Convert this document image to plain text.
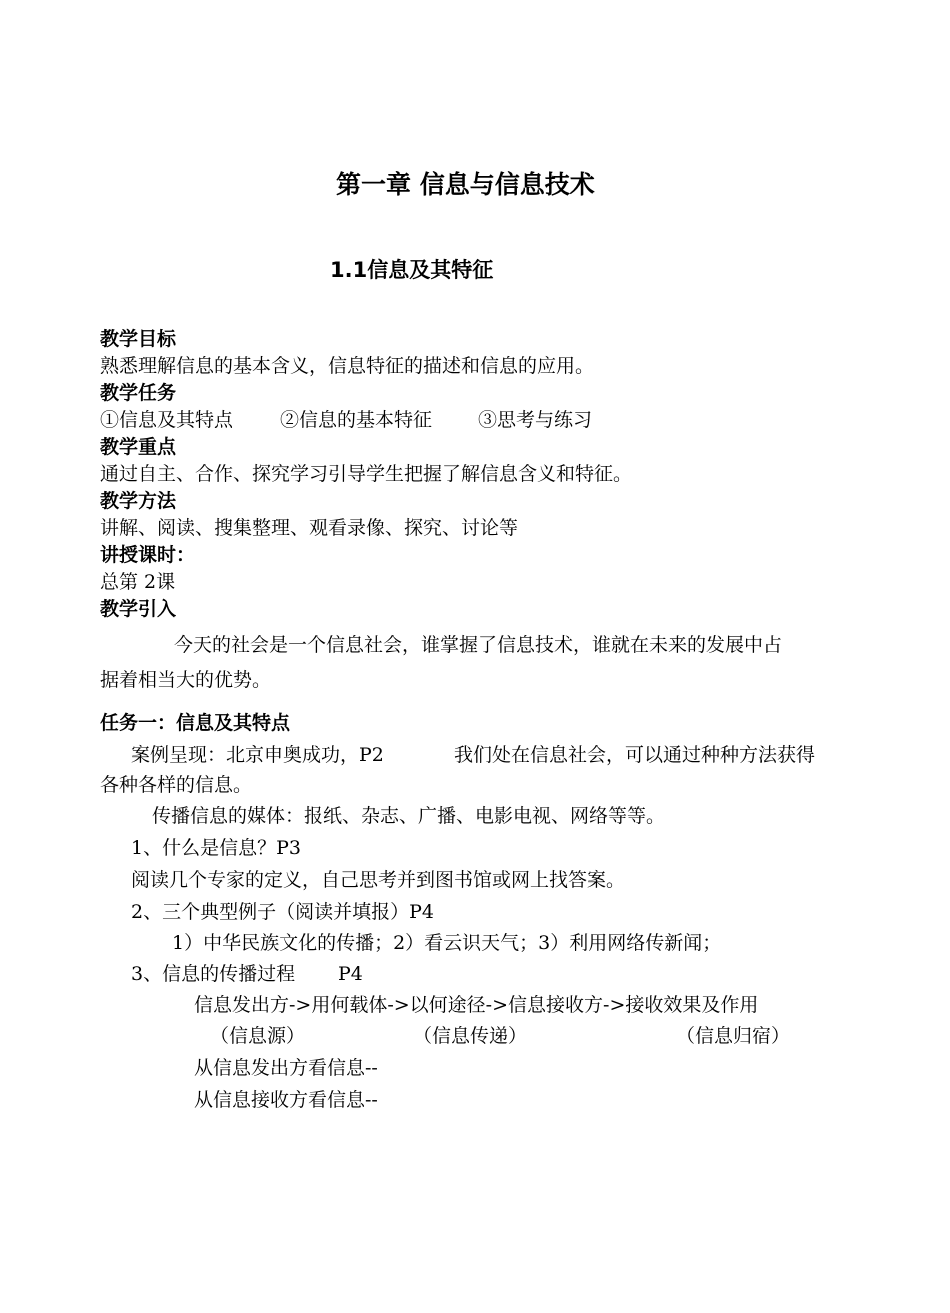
第一章 信息与信息技术
1.1信息及其特征
教学目标
熟悉理解信息的基本含义，信息特征的描述和信息的应用。
教学任务
①信息及其特点 ②信息的基本特征 ③思考与练习
教学重点
通过自主、合作、探究学习引导学生把握了解信息含义和特征。
教学方法
讲解、阅读、搜集整理、观看录像、探究、讨论等
讲授课时：
总第 2课
教学引入
今天的社会是一个信息社会，谁掌握了信息技术，谁就在未来的发展中占
据着相当大的优势。
任务一：信息及其特点
案例呈现：北京申奥成功，P2	我们处在信息社会，可以通过种种方法获得
各种各样的信息。
传播信息的媒体：报纸、杂志、广播、电影电视、网络等等。
1、什么是信息？P3
阅读几个专家的定义，自己思考并到图书馆或网上找答案。
2、三个典型例子（阅读并填报）P4
1）中华民族文化的传播；2）看云识天气；3）利用网络传新闻；
3、信息的传播过程 P4
信息发出方->用何载体->以何途径->信息接收方->接收效果及作用
（信息源）	（信息传递）	（信息归宿）
从信息发出方看信息--
从信息接收方看信息--
